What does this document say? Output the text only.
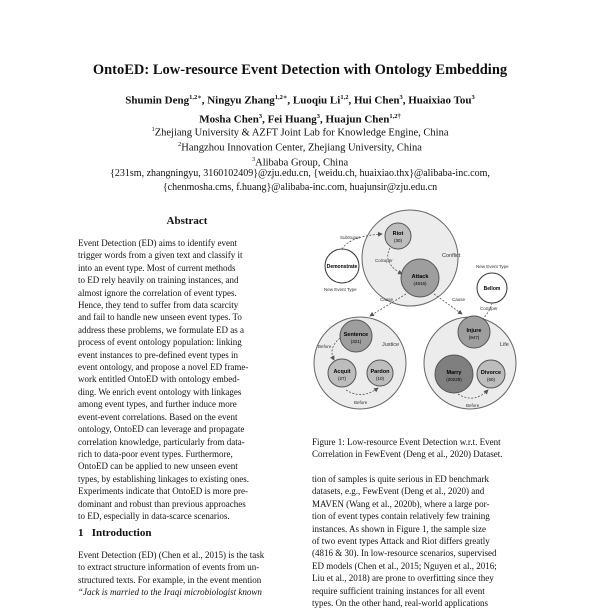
OntoED: Low-resource Event Detection with Ontology Embedding
Shumin Deng$^{1,2∗}$, Ningyu Zhang$^{1,2∗}$, Luoqiu Li$^{1,2}$, Hui Chen$^3$, Huaixiao Tou$^3$
Mosha Chen$^3$, Fei Huang$^3$, Huajun Chen$^{1,2\dagger}$
$^1$Zhejiang University & AZFT Joint Lab for Knowledge Engine, China
$^2$Hangzhou Innovation Center, Zhejiang University, China
$^3$Alibaba Group, China
{231sm, zhangningyu, 3160102409}@zju.edu.cn, {weidu.ch, huaixiao.thx}@alibaba-inc.com,
{chenmosha.cms, f.huang}@alibaba-inc.com, huajunsir@zju.edu.cn
Abstract

Event Detection (ED) aims to identify event

trigger words from a given text and classify it

into an event type. Most of current methods

to ED rely heavily on training instances, and

almost ignore the correlation of event types.

Hence, they tend to suffer from data scarcity

and fail to handle new unseen event types. To

address these problems, we formulate ED as a

process of event ontology population: linking

event instances to pre-defined event types in

event ontology, and propose a novel ED frame-

work entitled OntoED with ontology embed-

ding. We enrich event ontology with linkages

among event types, and further induce more

event-event correlations. Based on the event

ontology, OntoED can leverage and propagate

correlation knowledge, particularly from data-

rich to data-poor event types. Furthermore,

OntoED can be applied to new unseen event

types, by establishing linkages to existing ones.

Experiments indicate that OntoED is more pre-

dominant and robust than previous approaches

to ED, especially in data-scarce scenarios.

1 Introduction

Event Detection (ED) (Chen et al., 2015) is the task

to extract structure information of events from un-

structured texts. For example, in the event mention

“Jack is married to the Iraqi microbiologist known

Conflict
Riot
(30)
Attack
(4816)
CoSuper
Demonstrate
New Event Type
SubSuper
New Event Type
Bellom
CoSuper
Cause	Cause
Justice
Sentence
(321)
Acquit
(27)
Pardon
(10)
Before
Before
Life
Injure
(947)
Marry
(20228)
Divorce
(60)
Before

Figure 1: Low-resource Event Detection w.r.t. Event

Correlation in FewEvent (Deng et al., 2020) Dataset.

tion of samples is quite serious in ED benchmark

datasets, e.g., FewEvent (Deng et al., 2020) and

MAVEN (Wang et al., 2020b), where a large por-

tion of event types contain relatively few training

instances. As shown in Figure 1, the sample size

of two event types Attack and Riot differs greatly

(4816 & 30). In low-resource scenarios, supervised

ED models (Chen et al., 2015; Nguyen et al., 2016;

Liu et al., 2018) are prone to overfitting since they

require sufficient training instances for all event

types. On the other hand, real-world applications
